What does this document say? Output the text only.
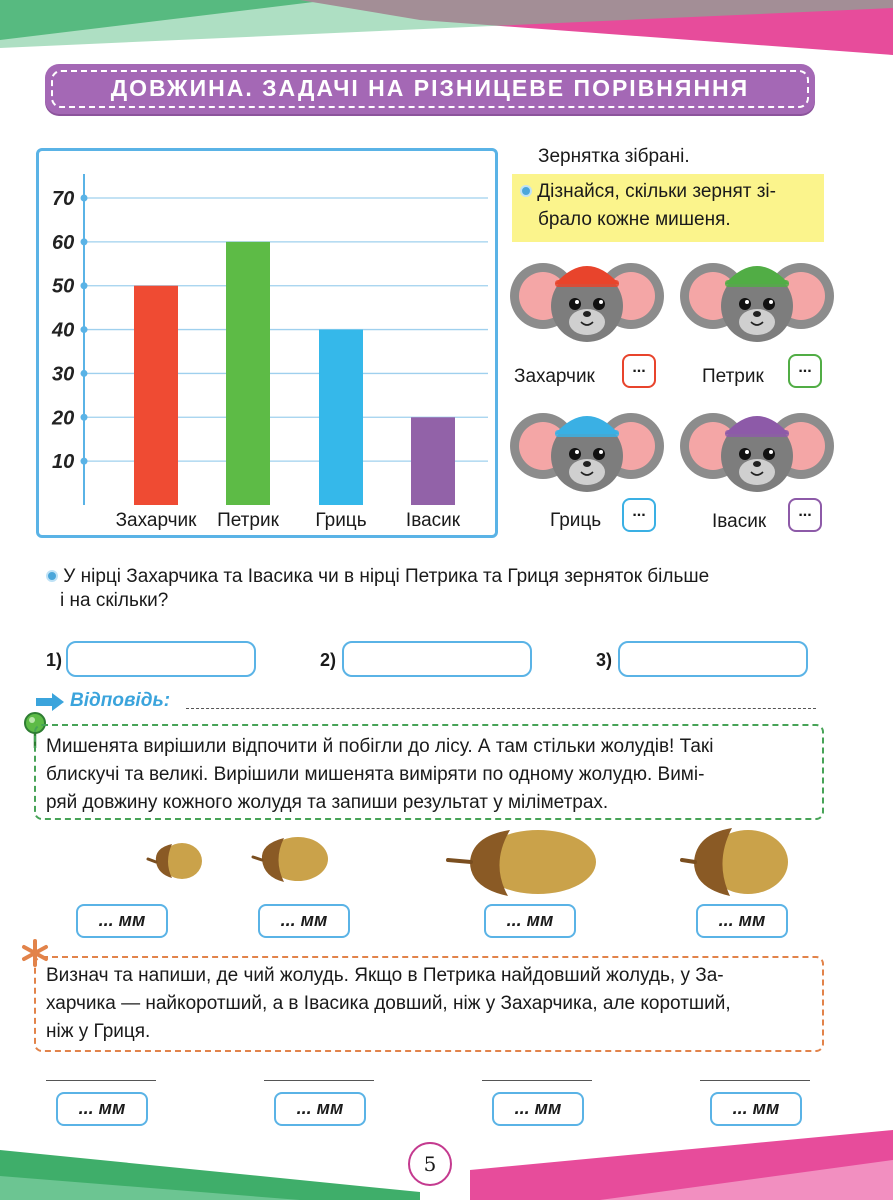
ДОВЖИНА. ЗАДАЧІ НА РІЗНИЦЕВЕ ПОРІВНЯННЯ
10
20
30
40
50
60
70
Захарчик Петрик Гриць Івасик
Зернятка зібрані.
Дізнайся, скільки зернят зі-
брало кожне мишеня.
Захарчик	...	Петрик	...
Гриць	...	Івасик	...
У нірці Захарчика та Івасика чи в нірці Петрика та Гриця зерняток більше
і на скільки?
1)	2)	3)
Відповідь:
Мишенята вирішили відпочити й побігли до лісу. А там стільки жолудів! Такі
блискучі та великі. Вирішили мишенята виміряти по одному жолудю. Вимі-
ряй довжину кожного жолудя та запиши результат у міліметрах.
... мм	... мм	... мм	... мм
Визнач та напиши, де чий жолудь. Якщо в Петрика найдовший жолудь, у За-
харчика — найкоротший, а в Івасика довший, ніж у Захарчика, але коротший,
ніж у Гриця.
... мм	... мм	... мм	... мм
5
